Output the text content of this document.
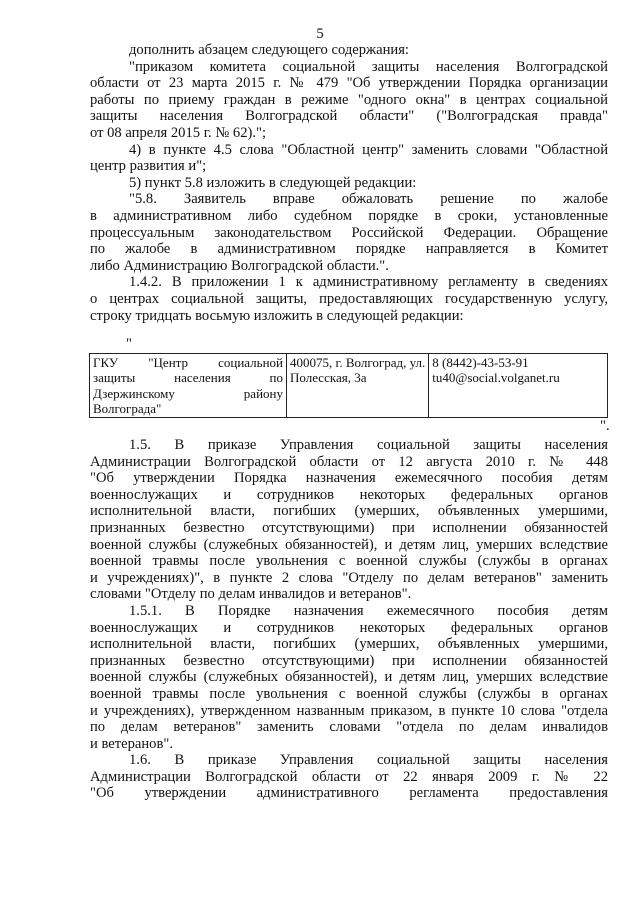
5
дополнить абзацем следующего содержания:
"приказом комитета социальной защиты населения Волгоградской
области от 23 марта 2015 г. № 479 "Об утверждении Порядка организации
работы по приему граждан в режиме "одного окна" в центрах социальной
защиты населения Волгоградской области" ("Волгоградская правда"
от 08 апреля 2015 г. № 62).";
4) в пункте 4.5 слова "Областной центр" заменить словами "Областной
центр развития и";
5) пункт 5.8 изложить в следующей редакции:
"5.8. Заявитель вправе обжаловать решение по жалобе
в административном либо судебном порядке в сроки, установленные
процессуальным законодательством Российской Федерации. Обращение
по жалобе в административном порядке направляется в Комитет
либо Администрацию Волгоградской области.".
1.4.2. В приложении 1 к административному регламенту в сведениях
о центрах социальной защиты, предоставляющих государственную услугу,
строку тридцать восьмую изложить в следующей редакции:
"
ГКУ "Центр социальной
защиты населения по
Дзержинскому району
Волгограда"

400075, г. Волгоград, ул.
Полесская, 3а

8 (8442)-43-53-91
tu40@social.volganet.ru
".
1.5. В приказе Управления социальной защиты населения
Администрации Волгоградской области от 12 августа 2010 г. № 448
"Об утверждении Порядка назначения ежемесячного пособия детям
военнослужащих и сотрудников некоторых федеральных органов
исполнительной власти, погибших (умерших, объявленных умершими,
признанных безвестно отсутствующими) при исполнении обязанностей
военной службы (служебных обязанностей), и детям лиц, умерших вследствие
военной травмы после увольнения с военной службы (службы в органах
и учреждениях)", в пункте 2 слова "Отделу по делам ветеранов" заменить
словами "Отделу по делам инвалидов и ветеранов".
1.5.1. В Порядке назначения ежемесячного пособия детям
военнослужащих и сотрудников некоторых федеральных органов
исполнительной власти, погибших (умерших, объявленных умершими,
признанных безвестно отсутствующими) при исполнении обязанностей
военной службы (служебных обязанностей), и детям лиц, умерших вследствие
военной травмы после увольнения с военной службы (службы в органах
и учреждениях), утвержденном названным приказом, в пункте 10 слова "отдела
по делам ветеранов" заменить словами "отдела по делам инвалидов
и ветеранов".
1.6. В приказе Управления социальной защиты населения
Администрации Волгоградской области от 22 января 2009 г. № 22
"Об утверждении административного регламента предоставления
